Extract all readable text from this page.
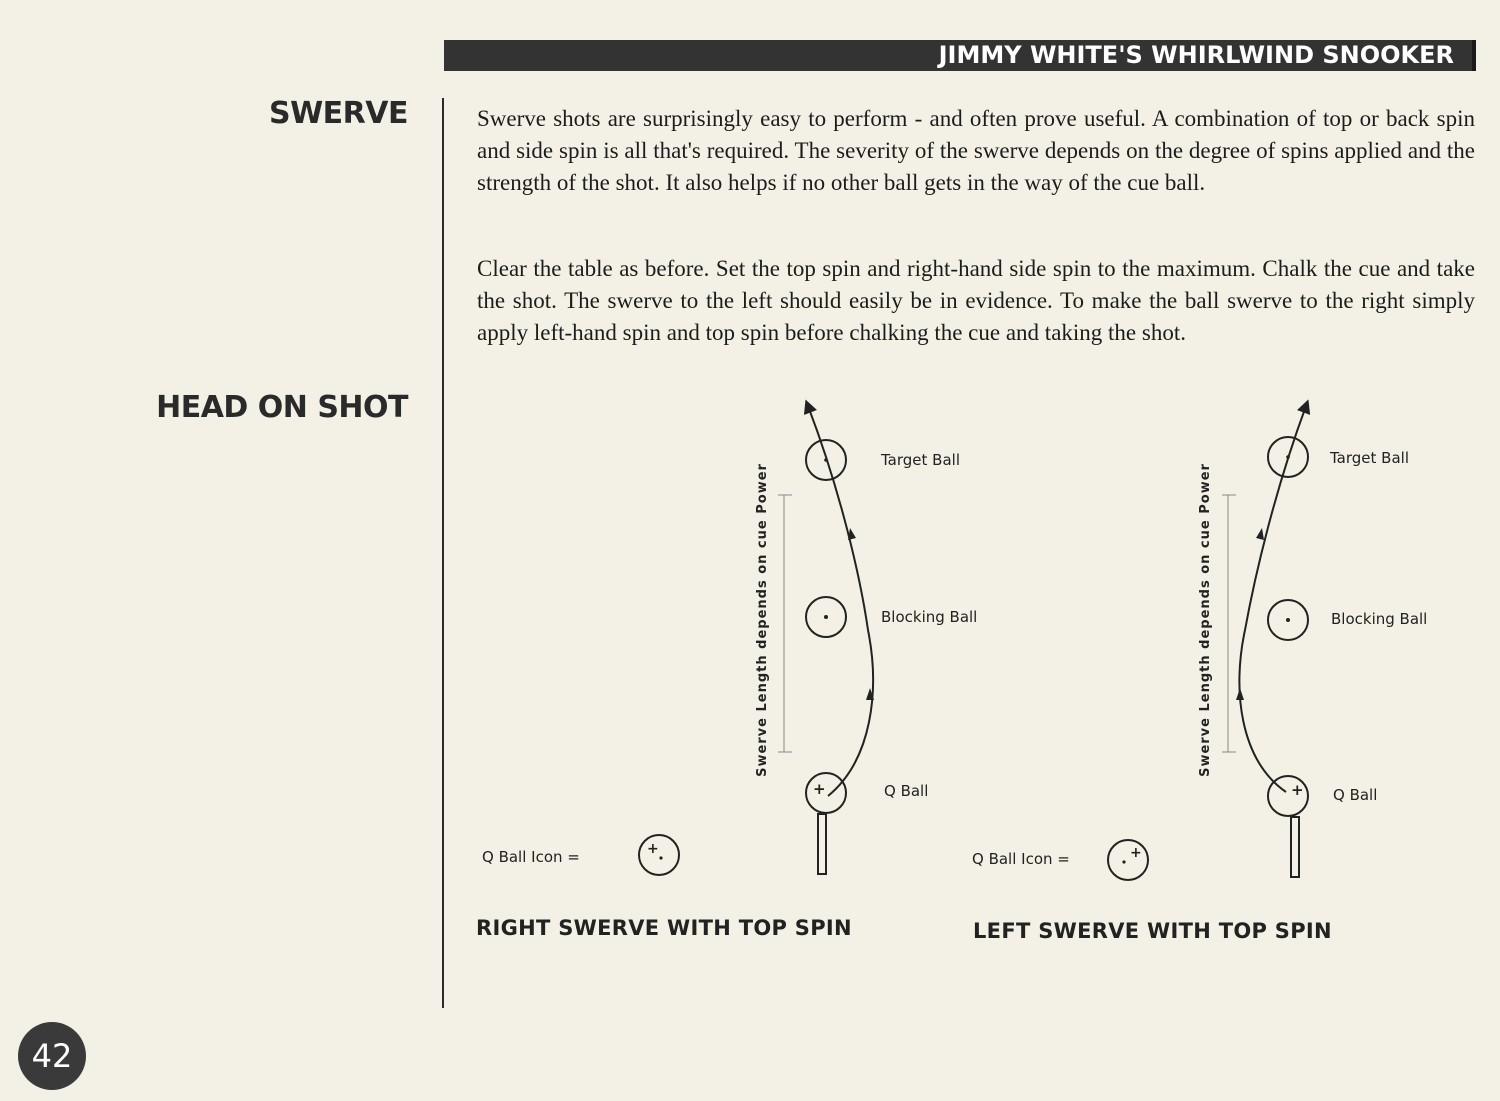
JIMMY WHITE'S WHIRLWIND SNOOKER
SWERVE
HEAD ON SHOT

Swerve shots are surprisingly easy to perform - and often prove useful. A combination of top or back spin and side spin is all that's required. The severity of the swerve depends on the degree of spins applied and the strength of the shot. It also helps if no other ball gets in the way of the cue ball.

Clear the table as before. Set the top spin and right-hand side spin to the maximum. Chalk the cue and take the shot. The swerve to the left should easily be in evidence. To make the ball swerve to the right simply apply left-hand spin and top spin before chalking the cue and taking the shot.

Swerve Length depends on cue Power
+
Target Ball
Blocking Ball
Q Ball
Q Ball Icon =	+
Swerve Length depends on cue Power
+
Target Ball
Blocking Ball
Q Ball
Q Ball Icon =	+
RIGHT SWERVE WITH TOP SPIN	LEFT SWERVE WITH TOP SPIN
42
